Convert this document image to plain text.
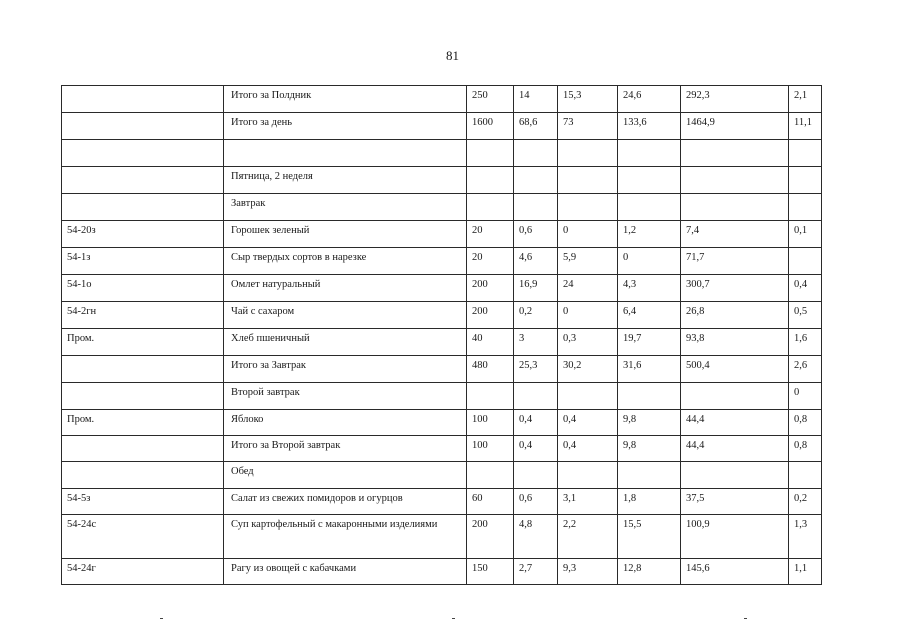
81
	Итого за Полдник	250	14	15,3	24,6	292,3	2,1
	Итого за день	1600	68,6	73	133,6	1464,9	11,1

	Пятница, 2 неделя						
	Завтрак						
54-20з	Горошек зеленый	20	0,6	0	1,2	7,4	0,1
54-1з	Сыр твердых сортов в нарезке	20	4,6	5,9	0	71,7	
54-1о	Омлет натуральный	200	16,9	24	4,3	300,7	0,4
54-2гн	Чай с сахаром	200	0,2	0	6,4	26,8	0,5
Пром.	Хлеб пшеничный	40	3	0,3	19,7	93,8	1,6
	Итого за Завтрак	480	25,3	30,2	31,6	500,4	2,6
	Второй завтрак						0
Пром.	Яблоко	100	0,4	0,4	9,8	44,4	0,8
	Итого за Второй завтрак	100	0,4	0,4	9,8	44,4	0,8
	Обед						
54-5з	Салат из свежих помидоров и огурцов	60	0,6	3,1	1,8	37,5	0,2
54-24с	Суп картофельный с макаронными изделиями	200	4,8	2,2	15,5	100,9	1,3
54-24г	Рагу из овощей с кабачками	150	2,7	9,3	12,8	145,6	1,1
